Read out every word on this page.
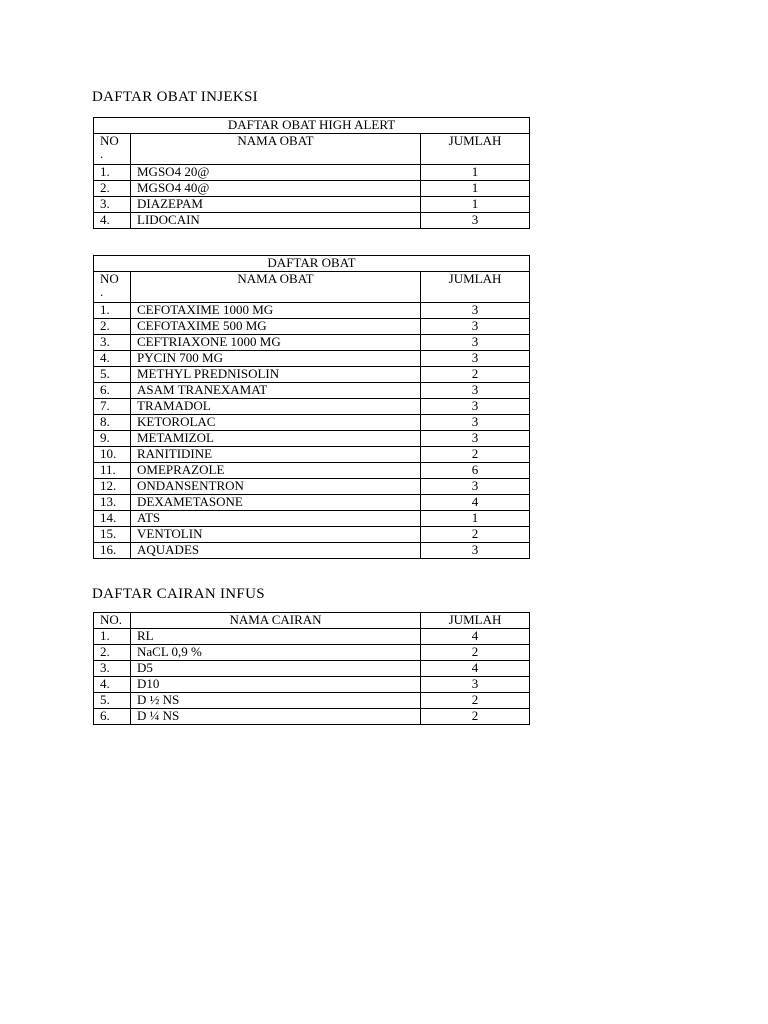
DAFTAR OBAT INJEKSI
DAFTAR OBAT HIGH ALERT		

NO
.	NAMA OBAT	JUMLAH
1.	MGSO4 20@	1
2.	MGSO4 40@	1
3.	DIAZEPAM	1
4.	LIDOCAIN	3
DAFTAR OBAT		

NO
.	NAMA OBAT	JUMLAH
1.	CEFOTAXIME 1000 MG	3
2.	CEFOTAXIME 500 MG	3
3.	CEFTRIAXONE 1000 MG	3
4.	PYCIN 700 MG	3
5.	METHYL PREDNISOLIN	2
6.	ASAM TRANEXAMAT	3
7.	TRAMADOL	3
8.	KETOROLAC	3
9.	METAMIZOL	3
10.	RANITIDINE	2
11.	OMEPRAZOLE	6
12.	ONDANSENTRON	3
13.	DEXAMETASONE	4
14.	ATS	1
15.	VENTOLIN	2
16.	AQUADES	3
DAFTAR CAIRAN INFUS
NO.	NAMA CAIRAN	JUMLAH
1.	RL	4
2.	NaCL 0,9 %	2
3.	D5	4
4.	D10	3
5.	D ½ NS	2
6.	D ¼ NS	2
